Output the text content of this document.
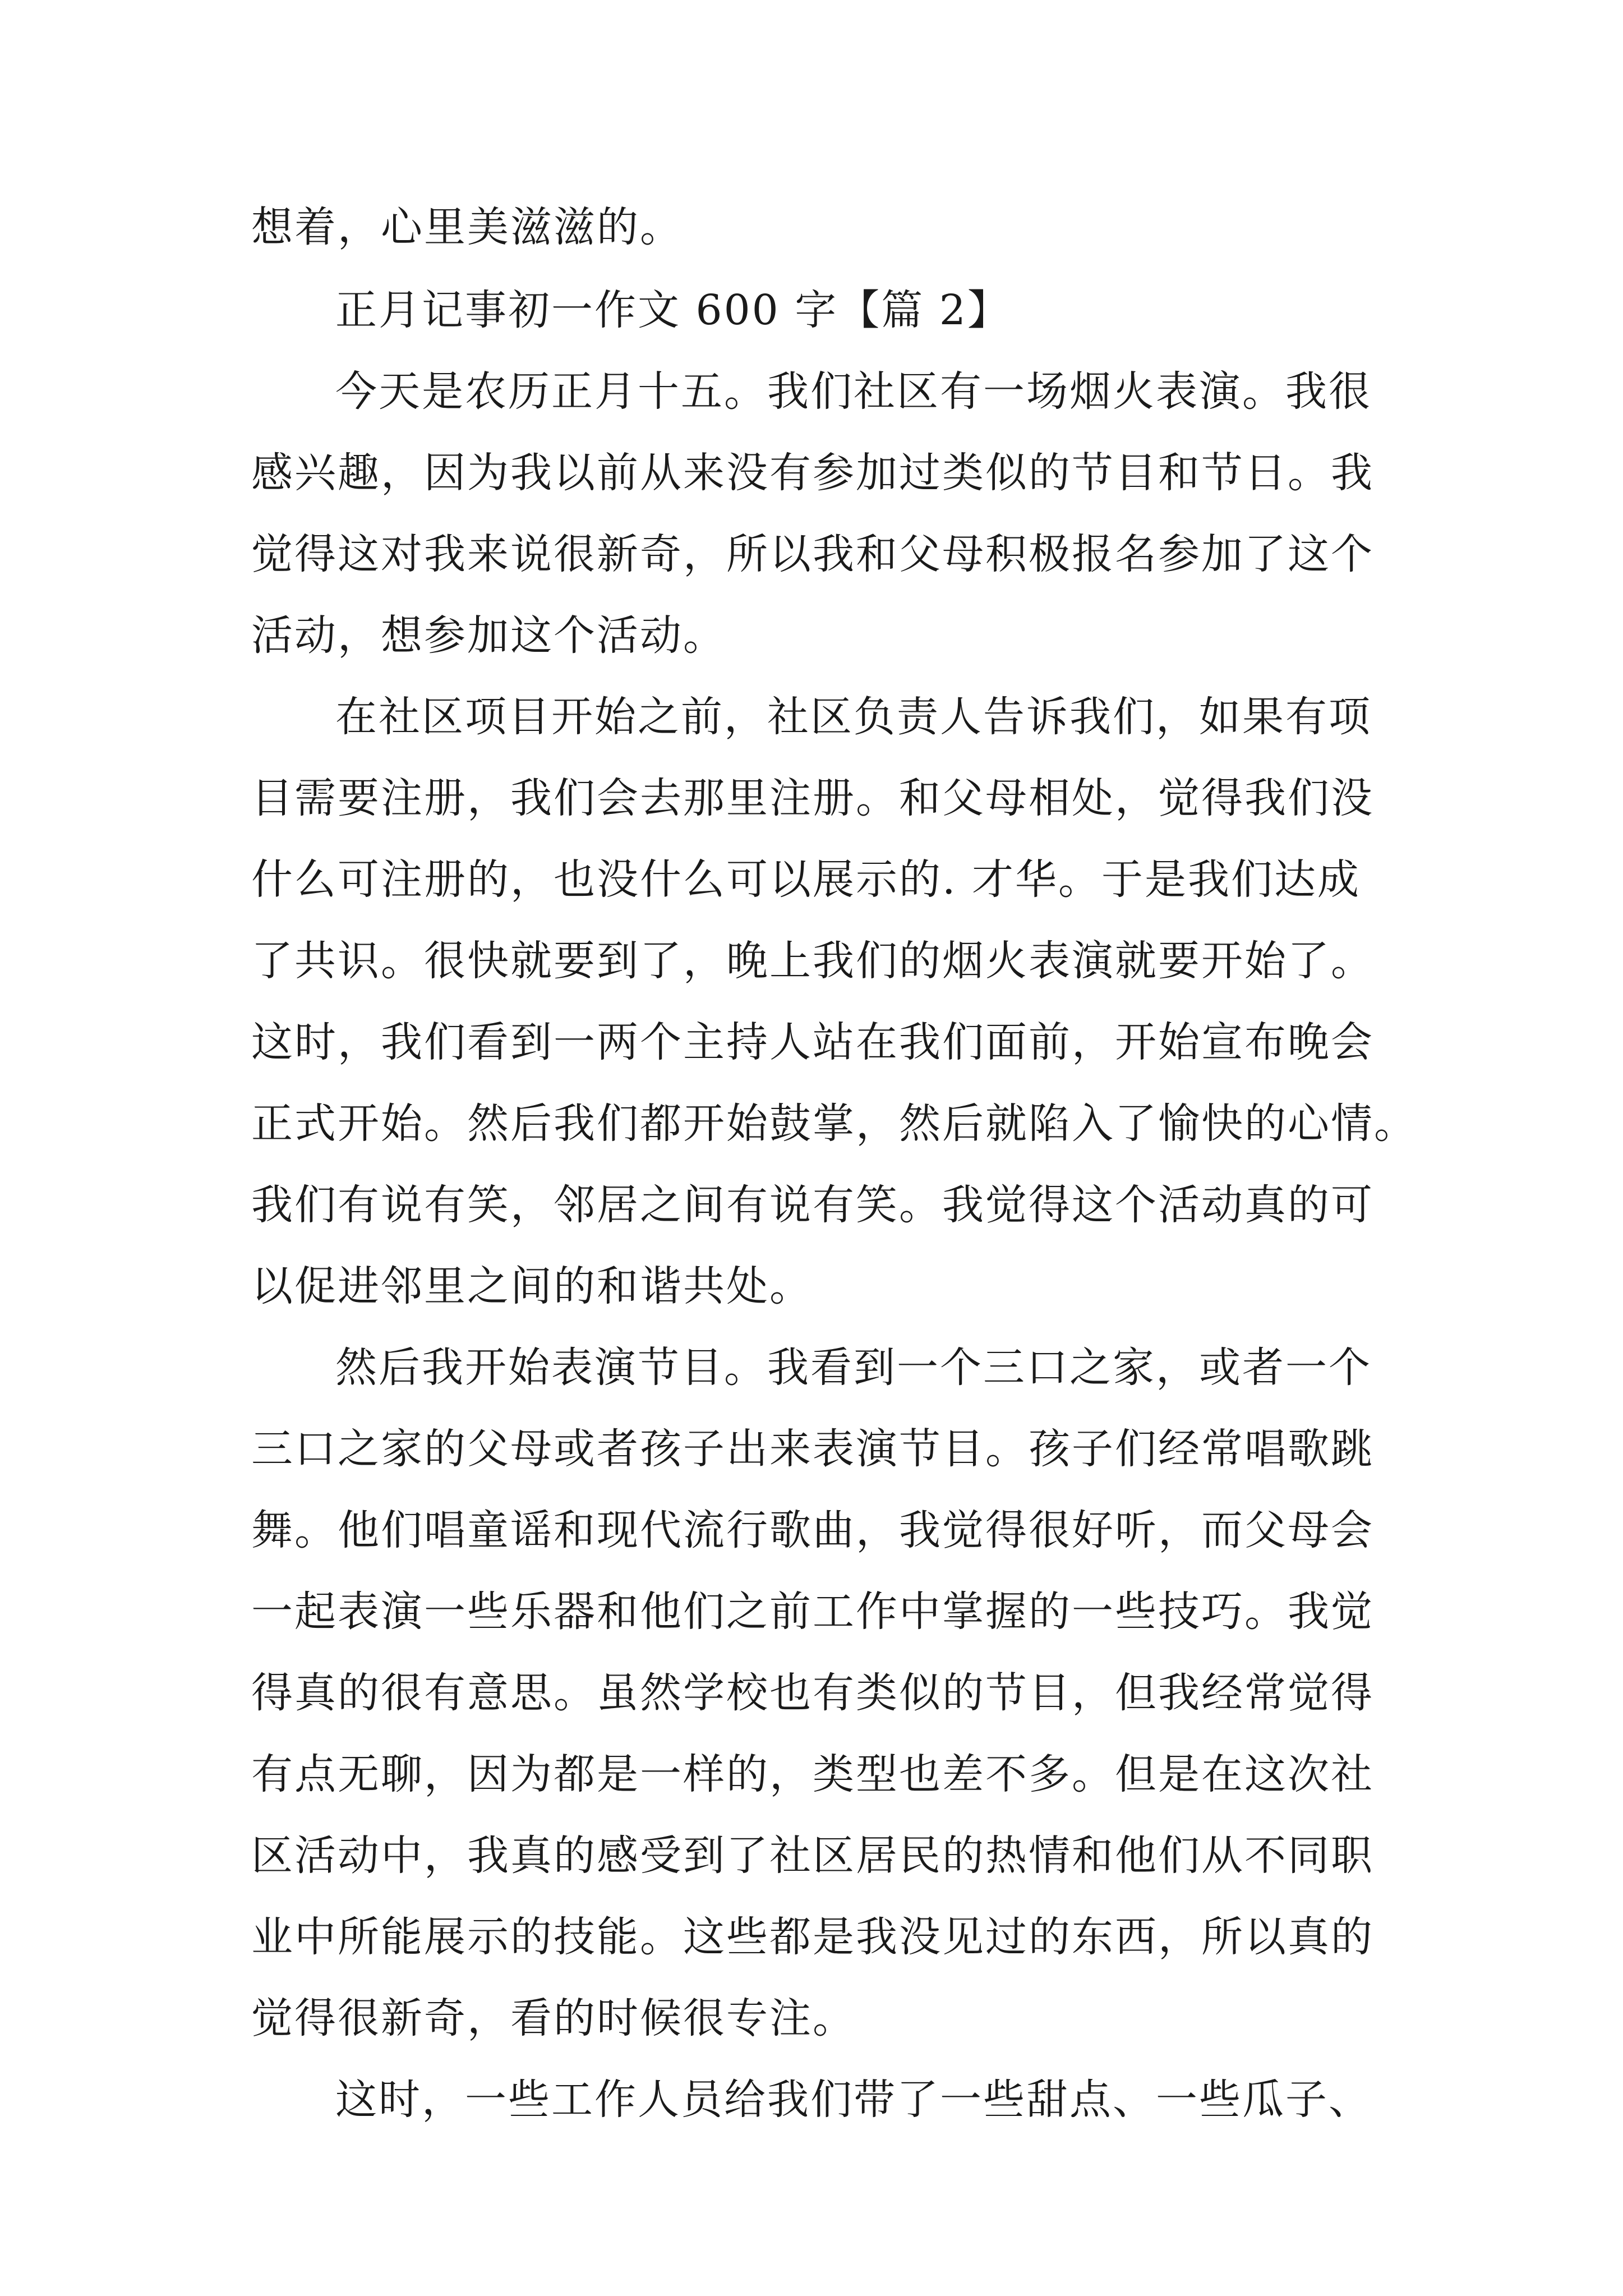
想着，心里美滋滋的。
正月记事初一作文 600 字【篇 2】
今天是农历正月十五。我们社区有一场烟火表演。我很
感兴趣，因为我以前从来没有参加过类似的节目和节日。我
觉得这对我来说很新奇，所以我和父母积极报名参加了这个
活动，想参加这个活动。
在社区项目开始之前，社区负责人告诉我们，如果有项
目需要注册，我们会去那里注册。和父母相处，觉得我们没
什么可注册的，也没什么可以展示的. 才华。于是我们达成
了共识。很快就要到了，晚上我们的烟火表演就要开始了。
这时，我们看到一两个主持人站在我们面前，开始宣布晚会
正式开始。然后我们都开始鼓掌，然后就陷入了愉快的心情。
我们有说有笑，邻居之间有说有笑。我觉得这个活动真的可
以促进邻里之间的和谐共处。
然后我开始表演节目。我看到一个三口之家，或者一个
三口之家的父母或者孩子出来表演节目。孩子们经常唱歌跳
舞。他们唱童谣和现代流行歌曲，我觉得很好听，而父母会
一起表演一些乐器和他们之前工作中掌握的一些技巧。我觉
得真的很有意思。虽然学校也有类似的节目，但我经常觉得
有点无聊，因为都是一样的，类型也差不多。但是在这次社
区活动中，我真的感受到了社区居民的热情和他们从不同职
业中所能展示的技能。这些都是我没见过的东西，所以真的
觉得很新奇，看的时候很专注。
这时，一些工作人员给我们带了一些甜点、一些瓜子、
